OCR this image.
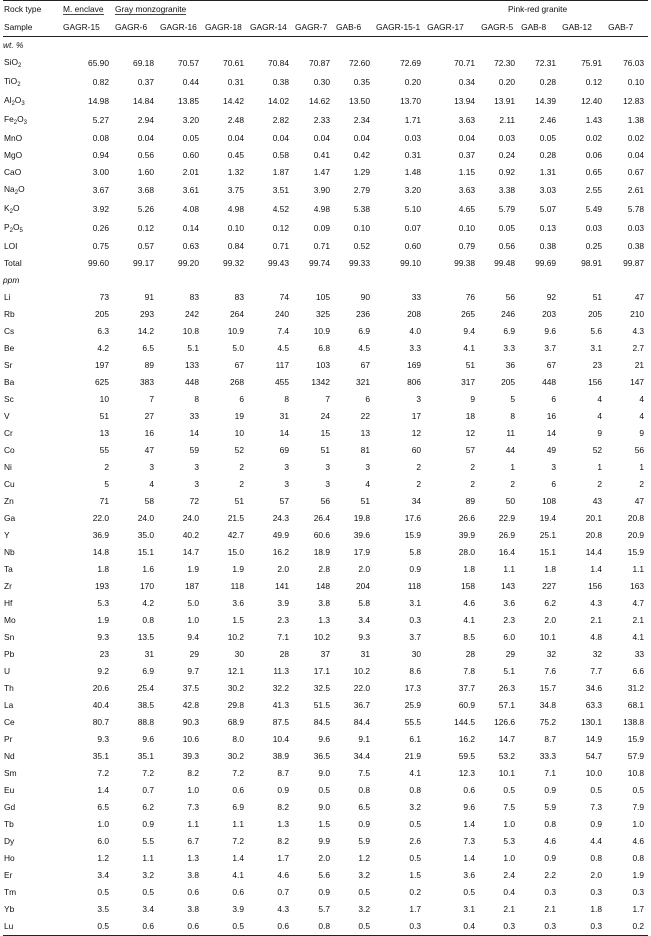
Rock type	M. enclave	Gray monzogranite							Pink-red granite				
Sample	GAGR-15	GAGR-6	GAGR-16	GAGR-18	GAGR-14	GAGR-7	GAB-6	GAGR-15-1	GAGR-17	GAGR-5	GAB-8	GAB-12	GAB-7
wt. %													
SiO$_2$	65.90	69.18	70.57	70.61	70.84	70.87	72.60	72.69	70.71	72.30	72.31	75.91	76.03
TiO$_2$	0.82	0.37	0.44	0.31	0.38	0.30	0.35	0.20	0.34	0.20	0.28	0.12	0.10
$Al_2O_3$	14.98	14.84	13.85	14.42	14.02	14.62	13.50	13.70	13.94	13.91	14.39	12.40	12.83
$Fe_2O_3$	5.27	2.94	3.20	2.48	2.82	2.33	2.34	1.71	3.63	2.11	2.46	1.43	1.38
MnO	0.08	0.04	0.05	0.04	0.04	0.04	0.04	0.03	0.04	0.03	0.05	0.02	0.02
MgO	0.94	0.56	0.60	0.45	0.58	0.41	0.42	0.31	0.37	0.24	0.28	0.06	0.04
CaO	3.00	1.60	2.01	1.32	1.87	1.47	1.29	1.48	1.15	0.92	1.31	0.65	0.67
$Na_2O$	3.67	3.68	3.61	3.75	3.51	3.90	2.79	3.20	3.63	3.38	3.03	2.55	2.61
$K_2O$	3.92	5.26	4.08	4.98	4.52	4.98	5.38	5.10	4.65	5.79	5.07	5.49	5.78
$P_2O_5$	0.26	0.12	0.14	0.10	0.12	0.09	0.10	0.07	0.10	0.05	0.13	0.03	0.03
LOI	0.75	0.57	0.63	0.84	0.71	0.71	0.52	0.60	0.79	0.56	0.38	0.25	0.38
Total	99.60	99.17	99.20	99.32	99.43	99.74	99.33	99.10	99.38	99.48	99.69	98.91	99.87
ppm													
Li	73	91	83	83	74	105	90	33	76	56	92	51	47
Rb	205	293	242	264	240	325	236	208	265	246	203	205	210
Cs	6.3	14.2	10.8	10.9	7.4	10.9	6.9	4.0	9.4	6.9	9.6	5.6	4.3
Be	4.2	6.5	5.1	5.0	4.5	6.8	4.5	3.3	4.1	3.3	3.7	3.1	2.7
Sr	197	89	133	67	117	103	67	169	51	36	67	23	21
Ba	625	383	448	268	455	1342	321	806	317	205	448	156	147
Sc	10	7	8	6	8	7	6	3	9	5	6	4	4
V	51	27	33	19	31	24	22	17	18	8	16	4	4
Cr	13	16	14	10	14	15	13	12	12	11	14	9	9
Co	55	47	59	52	69	51	81	60	57	44	49	52	56
Ni	2	3	3	2	3	3	3	2	2	1	3	1	1
Cu	5	4	3	2	3	3	4	2	2	2	6	2	2
Zn	71	58	72	51	57	56	51	34	89	50	108	43	47
Ga	22.0	24.0	24.0	21.5	24.3	26.4	19.8	17.6	26.6	22.9	19.4	20.1	20.8
Y	36.9	35.0	40.2	42.7	49.9	60.6	39.6	15.9	39.9	26.9	25.1	20.8	20.9
Nb	14.8	15.1	14.7	15.0	16.2	18.9	17.9	5.8	28.0	16.4	15.1	14.4	15.9
Ta	1.8	1.6	1.9	1.9	2.0	2.8	2.0	0.9	1.8	1.1	1.8	1.4	1.1
Zr	193	170	187	118	141	148	204	118	158	143	227	156	163
Hf	5.3	4.2	5.0	3.6	3.9	3.8	5.8	3.1	4.6	3.6	6.2	4.3	4.7
Mo	1.9	0.8	1.0	1.5	2.3	1.3	3.4	0.3	4.1	2.3	2.0	2.1	2.1
Sn	9.3	13.5	9.4	10.2	7.1	10.2	9.3	3.7	8.5	6.0	10.1	4.8	4.1
Pb	23	31	29	30	28	37	31	30	28	29	32	32	33
U	9.2	6.9	9.7	12.1	11.3	17.1	10.2	8.6	7.8	5.1	7.6	7.7	6.6
Th	20.6	25.4	37.5	30.2	32.2	32.5	22.0	17.3	37.7	26.3	15.7	34.6	31.2
La	40.4	38.5	42.8	29.8	41.3	51.5	36.7	25.9	60.9	57.1	34.8	63.3	68.1
Ce	80.7	88.8	90.3	68.9	87.5	84.5	84.4	55.5	144.5	126.6	75.2	130.1	138.8
Pr	9.3	9.6	10.6	8.0	10.4	9.6	9.1	6.1	16.2	14.7	8.7	14.9	15.9
Nd	35.1	35.1	39.3	30.2	38.9	36.5	34.4	21.9	59.5	53.2	33.3	54.7	57.9
Sm	7.2	7.2	8.2	7.2	8.7	9.0	7.5	4.1	12.3	10.1	7.1	10.0	10.8
Eu	1.4	0.7	1.0	0.6	0.9	0.5	0.8	0.8	0.6	0.5	0.9	0.5	0.5
Gd	6.5	6.2	7.3	6.9	8.2	9.0	6.5	3.2	9.6	7.5	5.9	7.3	7.9
Tb	1.0	0.9	1.1	1.1	1.3	1.5	0.9	0.5	1.4	1.0	0.8	0.9	1.0
Dy	6.0	5.5	6.7	7.2	8.2	9.9	5.9	2.6	7.3	5.3	4.6	4.4	4.6
Ho	1.2	1.1	1.3	1.4	1.7	2.0	1.2	0.5	1.4	1.0	0.9	0.8	0.8
Er	3.4	3.2	3.8	4.1	4.6	5.6	3.2	1.5	3.6	2.4	2.2	2.0	1.9
Tm	0.5	0.5	0.6	0.6	0.7	0.9	0.5	0.2	0.5	0.4	0.3	0.3	0.3
Yb	3.5	3.4	3.8	3.9	4.3	5.7	3.2	1.7	3.1	2.1	2.1	1.8	1.7
Lu	0.5	0.6	0.6	0.5	0.6	0.8	0.5	0.3	0.4	0.3	0.3	0.3	0.2
